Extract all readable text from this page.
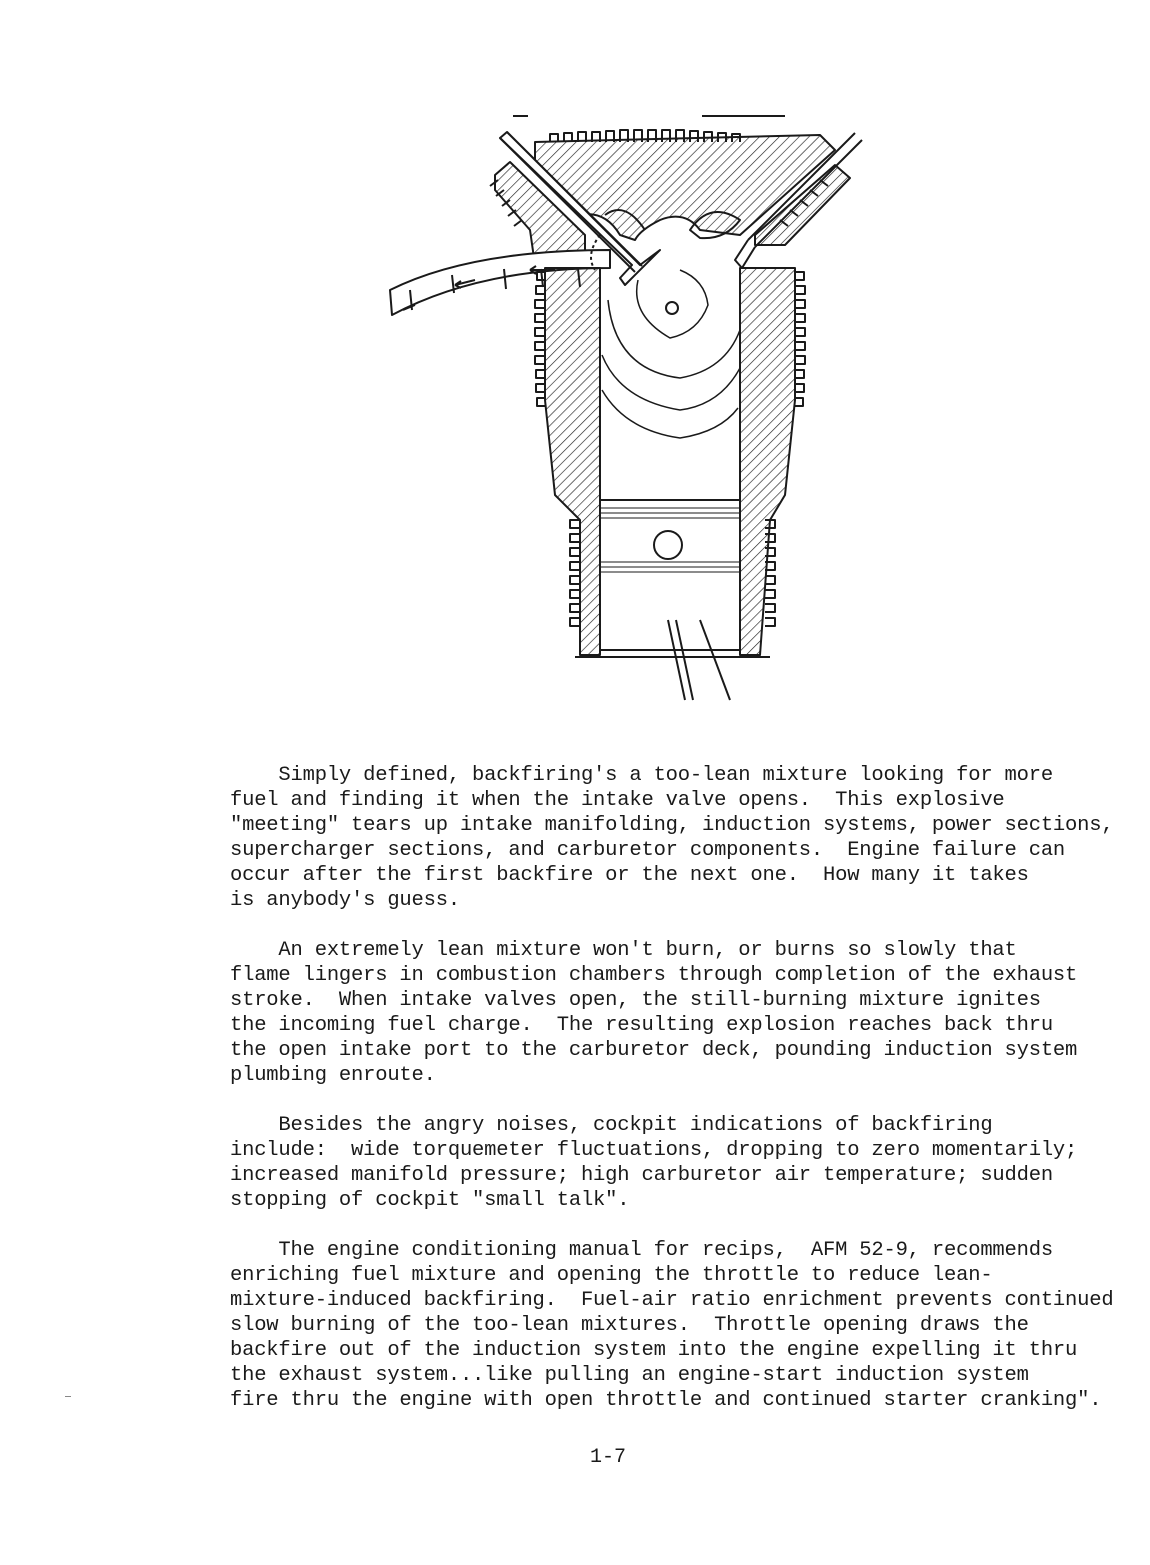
Simply defined, backfiring's a too-lean mixture looking for more

fuel and finding it when the intake valve opens.  This explosive

"meeting" tears up intake manifolding, induction systems, power sections,

supercharger sections, and carburetor components.  Engine failure can

occur after the first backfire or the next one.  How many it takes

is anybody's guess.

An extremely lean mixture won't burn, or burns so slowly that

flame lingers in combustion chambers through completion of the exhaust

stroke.  When intake valves open, the still-burning mixture ignites

the incoming fuel charge.  The resulting explosion reaches back thru

the open intake port to the carburetor deck, pounding induction system

plumbing enroute.

Besides the angry noises, cockpit indications of backfiring

include:  wide torquemeter fluctuations, dropping to zero momentarily;

increased manifold pressure; high carburetor air temperature; sudden

stopping of cockpit "small talk".

The engine conditioning manual for recips,  AFM 52-9, recommends

enriching fuel mixture and opening the throttle to reduce lean-

mixture-induced backfiring.  Fuel-air ratio enrichment prevents continued

slow burning of the too-lean mixtures.  Throttle opening draws the

backfire out of the induction system into the engine expelling it thru

the exhaust system...like pulling an engine-start induction system

fire thru the engine with open throttle and continued starter cranking".

1-7
